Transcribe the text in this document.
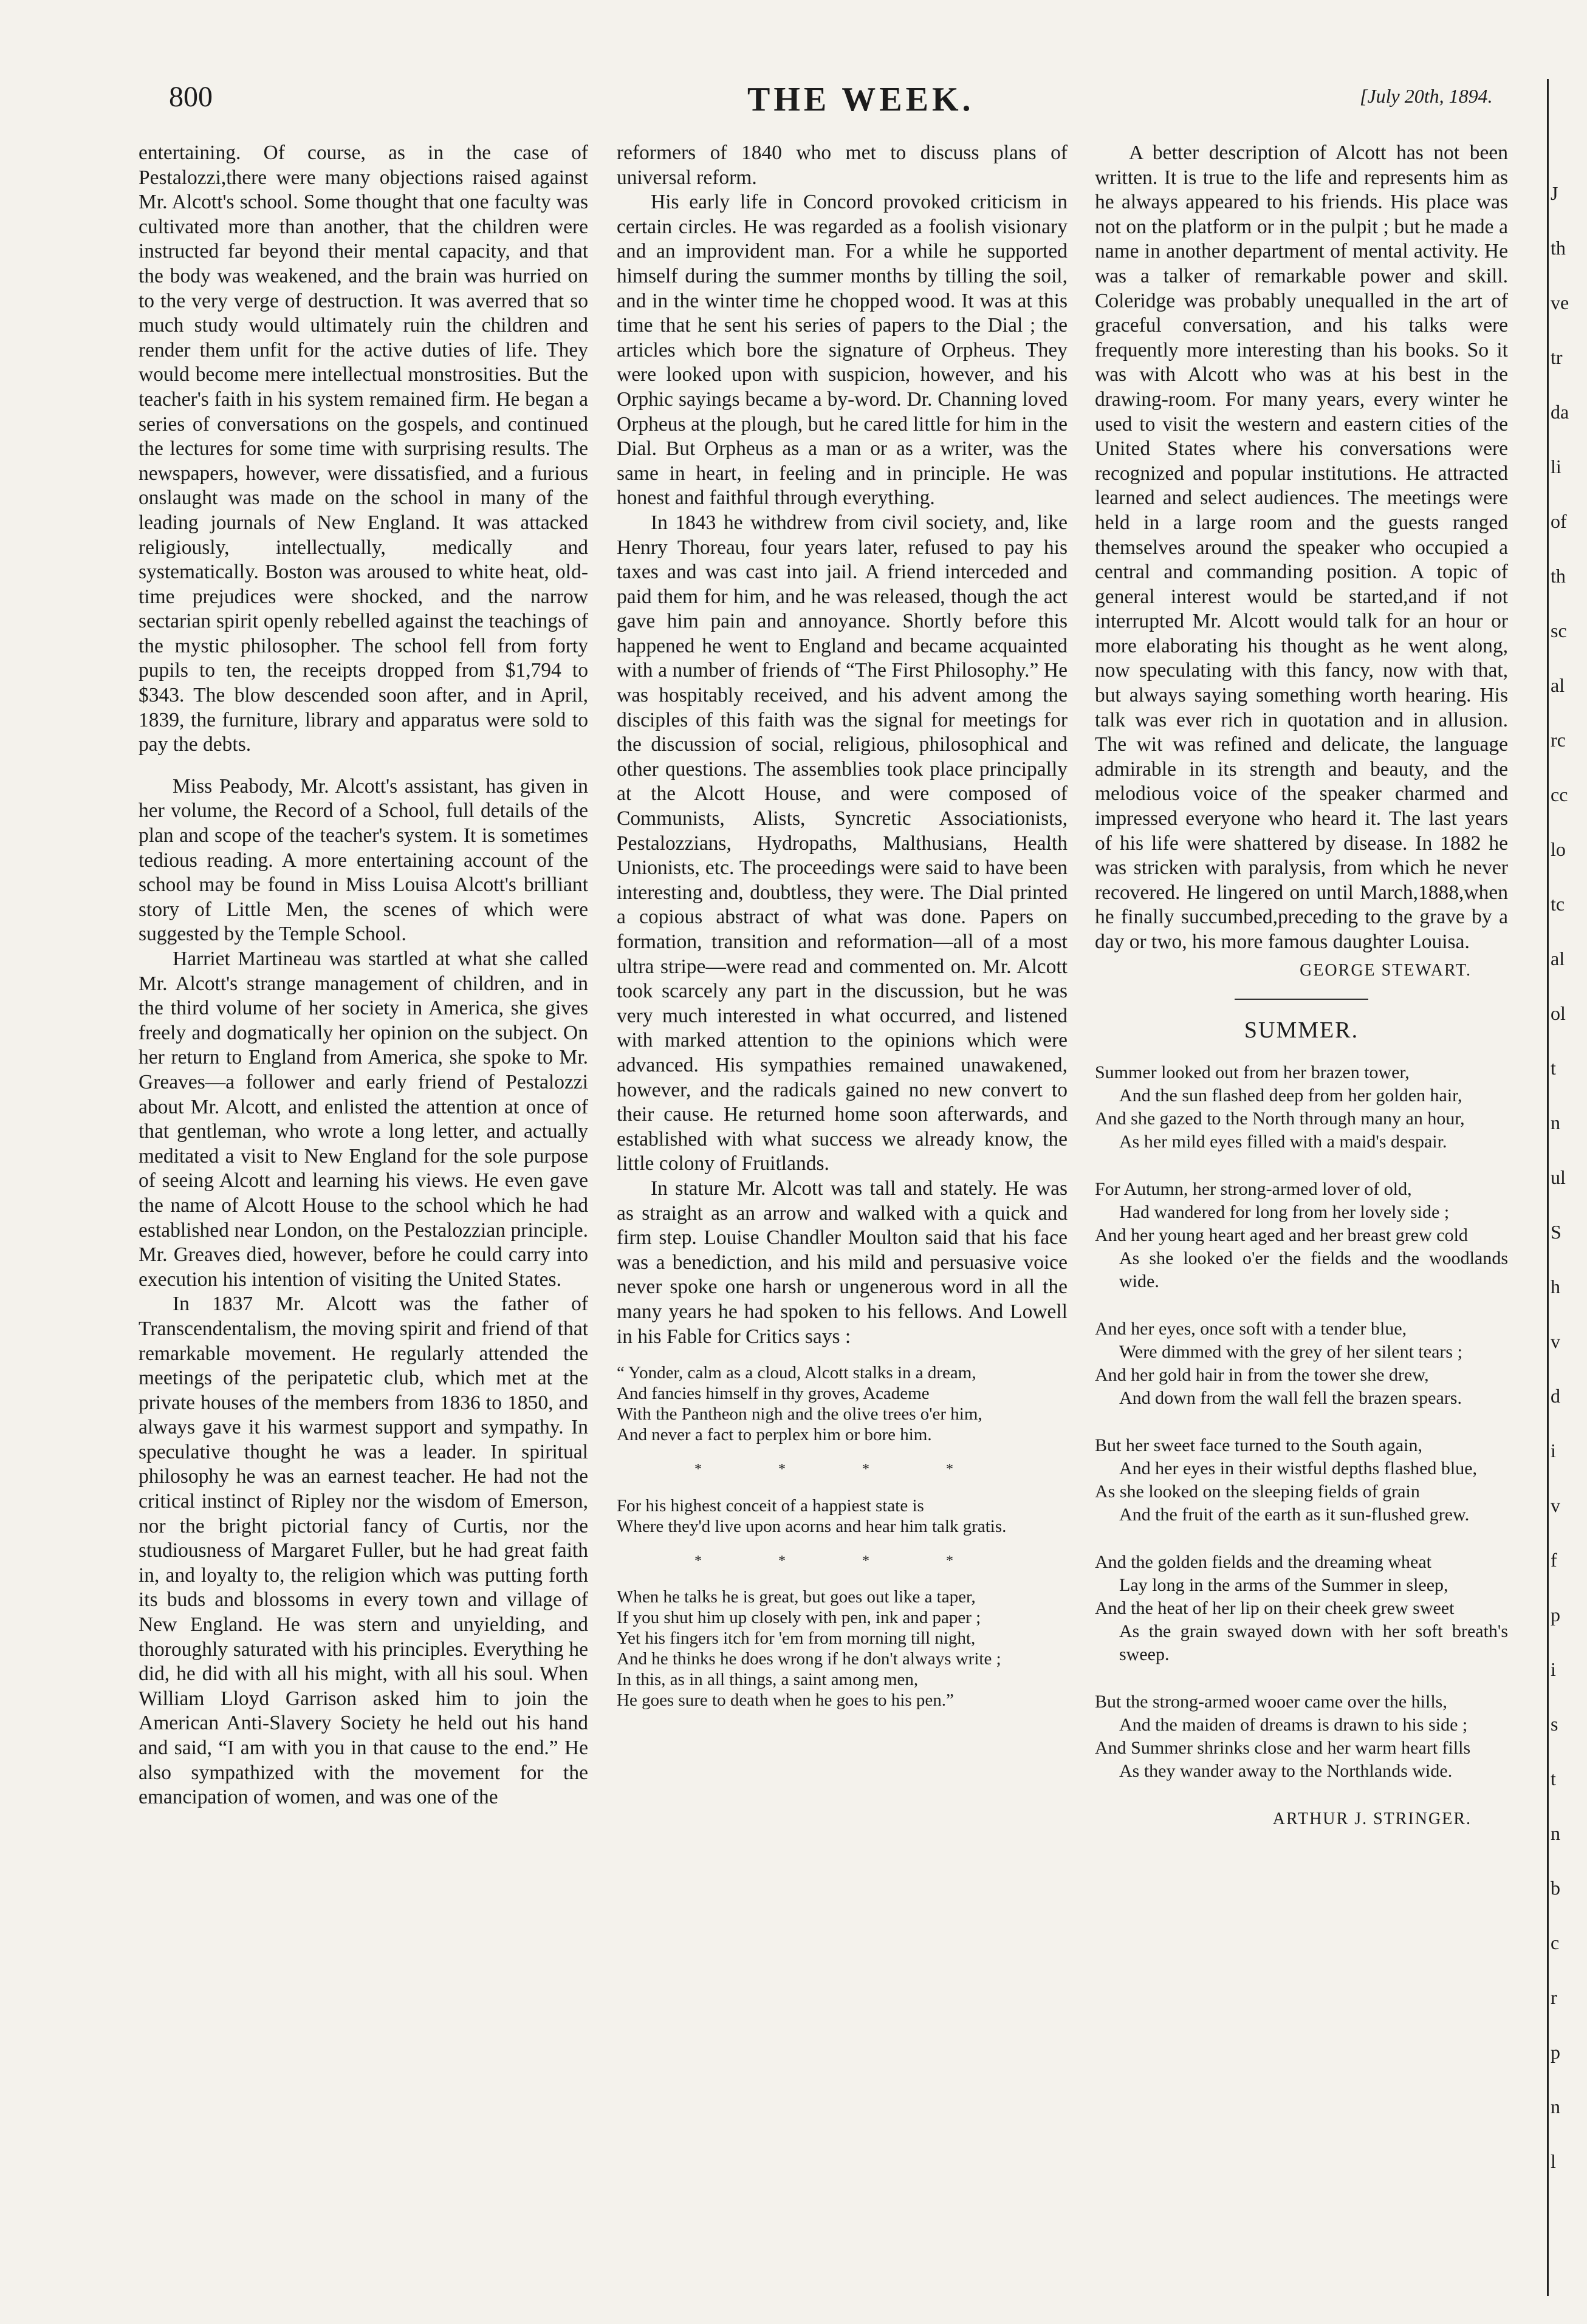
800	THE WEEK.	[July 20th, 1894.

entertaining. Of course, as in the case of Pestalozzi,there were many objections raised against Mr. Alcott's school. Some thought that one faculty was cultivated more than another, that the children were instructed far beyond their mental capacity, and that the body was weakened, and the brain was hurried on to the very verge of destruction. It was averred that so much study would ultimately ruin the children and render them unfit for the active duties of life. They would become mere intellectual monstrosities. But the teacher's faith in his system remained firm. He began a series of conversations on the gospels, and continued the lectures for some time with surprising results. The newspapers, however, were dissatisfied, and a furious onslaught was made on the school in many of the leading journals of New England. It was attacked religiously, intellectually, medically and systematically. Boston was aroused to white heat, old-time prejudices were shocked, and the narrow sectarian spirit openly rebelled against the teachings of the mystic philosopher. The school fell from forty pupils to ten, the receipts dropped from $1,794 to $343. The blow descended soon after, and in April, 1839, the furniture, library and apparatus were sold to pay the debts.

Miss Peabody, Mr. Alcott's assistant, has given in her volume, the Record of a School, full details of the plan and scope of the teacher's system. It is sometimes tedious reading. A more entertaining account of the school may be found in Miss Louisa Alcott's brilliant story of Little Men, the scenes of which were suggested by the Temple School.

Harriet Martineau was startled at what she called Mr. Alcott's strange management of children, and in the third volume of her society in America, she gives freely and dogmatically her opinion on the subject. On her return to England from America, she spoke to Mr. Greaves—a follower and early friend of Pestalozzi about Mr. Alcott, and enlisted the attention at once of that gentleman, who wrote a long letter, and actually meditated a visit to New England for the sole purpose of seeing Alcott and learning his views. He even gave the name of Alcott House to the school which he had established near London, on the Pestalozzian principle. Mr. Greaves died, however, before he could carry into execution his intention of visiting the United States.

In 1837 Mr. Alcott was the father of Transcendentalism, the moving spirit and friend of that remarkable movement. He regularly attended the meetings of the peripatetic club, which met at the private houses of the members from 1836 to 1850, and always gave it his warmest support and sympathy. In speculative thought he was a leader. In spiritual philosophy he was an earnest teacher. He had not the critical instinct of Ripley nor the wisdom of Emerson, nor the bright pictorial fancy of Curtis, nor the studiousness of Margaret Fuller, but he had great faith in, and loyalty to, the religion which was putting forth its buds and blossoms in every town and village of New England. He was stern and unyielding, and thoroughly saturated with his principles. Everything he did, he did with all his might, with all his soul. When William Lloyd Garrison asked him to join the American Anti-Slavery Society he held out his hand and said, “I am with you in that cause to the end.” He also sympathized with the movement for the emancipation of women, and was one of the

reformers of 1840 who met to discuss plans of universal reform.

His early life in Concord provoked criticism in certain circles. He was regarded as a foolish visionary and an improvident man. For a while he supported himself during the summer months by tilling the soil, and in the winter time he chopped wood. It was at this time that he sent his series of papers to the Dial ; the articles which bore the signature of Orpheus. They were looked upon with suspicion, however, and his Orphic sayings became a by-word. Dr. Channing loved Orpheus at the plough, but he cared little for him in the Dial. But Orpheus as a man or as a writer, was the same in heart, in feeling and in principle. He was honest and faithful through everything.

In 1843 he withdrew from civil society, and, like Henry Thoreau, four years later, refused to pay his taxes and was cast into jail. A friend interceded and paid them for him, and he was released, though the act gave him pain and annoyance. Shortly before this happened he went to England and became acquainted with a number of friends of “The First Philosophy.” He was hospitably received, and his advent among the disciples of this faith was the signal for meetings for the discussion of social, religious, philosophical and other questions. The assemblies took place principally at the Alcott House, and were composed of Communists, Alists, Syncretic Associationists, Pestalozzians, Hydropaths, Malthusians, Health Unionists, etc. The proceedings were said to have been interesting and, doubtless, they were. The Dial printed a copious abstract of what was done. Papers on formation, transition and reformation—all of a most ultra stripe—were read and commented on. Mr. Alcott took scarcely any part in the discussion, but he was very much interested in what occurred, and listened with marked attention to the opinions which were advanced. His sympathies remained unawakened, however, and the radicals gained no new convert to their cause. He returned home soon afterwards, and established with what success we already know, the little colony of Fruitlands.

In stature Mr. Alcott was tall and stately. He was as straight as an arrow and walked with a quick and firm step. Louise Chandler Moulton said that his face was a benediction, and his mild and persuasive voice never spoke one harsh or ungenerous word in all the many years he had spoken to his fellows. And Lowell in his Fable for Critics says :

“ Yonder, calm as a cloud, Alcott stalks in a dream,
And fancies himself in thy groves, Academe
With the Pantheon nigh and the olive trees o'er him,
And never a fact to perplex him or bore him.
* * * *
For his highest conceit of a happiest state is
Where they'd live upon acorns and hear him talk gratis.
* * * *
When he talks he is great, but goes out like a taper,
If you shut him up closely with pen, ink and paper ;
Yet his fingers itch for 'em from morning till night,
And he thinks he does wrong if he don't always write ;
In this, as in all things, a saint among men,
He goes sure to death when he goes to his pen.”

A better description of Alcott has not been written. It is true to the life and represents him as he always appeared to his friends. His place was not on the platform or in the pulpit ; but he made a name in another department of mental activity. He was a talker of remarkable power and skill. Coleridge was probably unequalled in the art of graceful conversation, and his talks were frequently more interesting than his books. So it was with Alcott who was at his best in the drawing-room. For many years, every winter he used to visit the western and eastern cities of the United States where his conversations were recognized and popular institutions. He attracted learned and select audiences. The meetings were held in a large room and the guests ranged themselves around the speaker who occupied a central and commanding position. A topic of general interest would be started,and if not interrupted Mr. Alcott would talk for an hour or more elaborating his thought as he went along, now speculating with this fancy, now with that, but always saying something worth hearing. His talk was ever rich in quotation and in allusion. The wit was refined and delicate, the language admirable in its strength and beauty, and the melodious voice of the speaker charmed and impressed everyone who heard it. The last years of his life were shattered by disease. In 1882 he was stricken with paralysis, from which he never recovered. He lingered on until March,1888,when he finally succumbed,preceding to the grave by a day or two, his more famous daughter Louisa.

GEORGE STEWART.
SUMMER.
Summer looked out from her brazen tower,
And the sun flashed deep from her golden hair,
And she gazed to the North through many an hour,
As her mild eyes filled with a maid's despair.
For Autumn, her strong-armed lover of old,
Had wandered for long from her lovely side ;
And her young heart aged and her breast grew cold
As she looked o'er the fields and the woodlands wide.
And her eyes, once soft with a tender blue,
Were dimmed with the grey of her silent tears ;
And her gold hair in from the tower she drew,
And down from the wall fell the brazen spears.
But her sweet face turned to the South again,
And her eyes in their wistful depths flashed blue,
As she looked on the sleeping fields of grain
And the fruit of the earth as it sun-flushed grew.
And the golden fields and the dreaming wheat
Lay long in the arms of the Summer in sleep,
And the heat of her lip on their cheek grew sweet
As the grain swayed down with her soft breath's sweep.
But the strong-armed wooer came over the hills,
And the maiden of dreams is drawn to his side ;
And Summer shrinks close and her warm heart fills
As they wander away to the Northlands wide.
ARTHUR J. STRINGER.
J
th
ve
tr
da
li
of
th
sc
al
rc
cc
lo
tc
al
ol
t
n
ul
S
h
v
d
i
v
f
p
i
s
t
n
b
c
r
p
n
l
